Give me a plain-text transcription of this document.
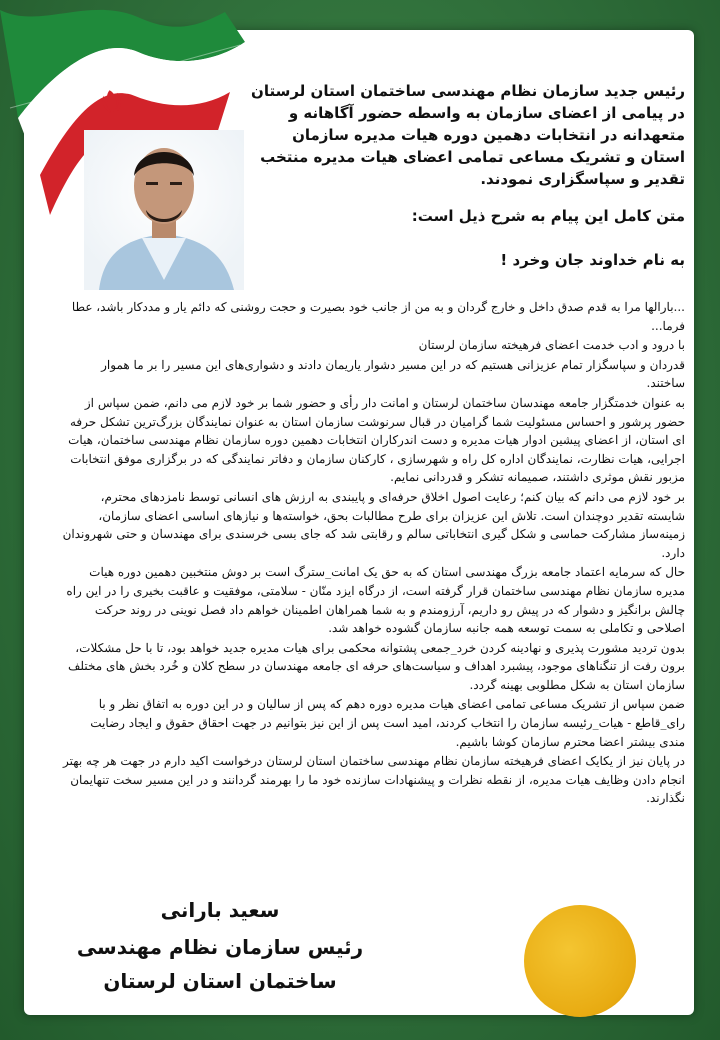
رئیس جدید سازمان نظام مهندسی ساختمان استان لرستان در پیامی از اعضای سازمان به واسطه حضور آگاهانه و متعهدانه در انتخابات دهمین دوره هیات مدیره سازمان استان و تشریک مساعی تمامی اعضای هیات مدیره منتخب تقدیر و سپاسگزاری نمودند.

متن کامل این پیام به شرح ذیل است:

به نام خداوند جان وخرد !

...بارالها مرا به قدم صدق داخل و خارج گردان و به من از جانب خود بصیرت و حجت روشنی که دائم یار و مددکار باشد، عطا فرما...

با درود و ادب خدمت اعضای فرهیخته سازمان لرستان

قدردان و سپاسگزار تمام عزیزانی هستیم که در این مسیر دشوار یاریمان دادند و دشواری‌های این مسیر را بر ما هموار ساختند.

به عنوان خدمتگزار جامعه مهندسان ساختمان لرستان و امانت دار رأی و حضور شما بر خود لازم می دانم، ضمن سپاس از حضور پرشور و احساس مسئولیت شما گرامیان در قبال سرنوشت سازمان استان به عنوان نمایندگان بزرگ‌ترین تشکل حرفه ای استان، از اعضای پیشین ادوار هیات مدیره و دست اندرکاران انتخابات دهمین دوره سازمان نظام مهندسی ساختمان، هیات اجرایی، هیات نظارت، نمایندگان اداره کل راه و شهرسازی ، کارکنان سازمان و دفاتر نمایندگی که در برگزاری موفق انتخابات مزبور نقش موثری داشتند، صمیمانه تشکر و قدردانی نمایم.

بر خود لازم می دانم که بیان کنم؛ رعایت اصول اخلاق حرفه‌ای و پایبندی به ارزش های انسانی توسط نامزدهای محترم، شایسته تقدیر دوچندان است. تلاش این عزیزان برای طرح مطالبات بحق، خواسته‌ها و نیازهای اساسی اعضای سازمان، زمینه‌ساز مشارکت حماسی و شکل گیری انتخاباتی سالم و رقابتی شد که جای بسی خرسندی برای مهندسان و حتی شهروندان دارد.

حال که سرمایه اعتماد جامعه بزرگ مهندسی استان که به حق یک امانت_سترگ است بر دوش منتخبین دهمین دوره هیات مدیره سازمان نظام مهندسی ساختمان قرار گرفته است، از درگاه ایزد منّان - سلامتی، موفقیت و عاقبت بخیری را در این راه چالش برانگیز و دشوار که در پیش رو داریم، آرزومندم و به شما همراهان اطمینان خواهم داد فصل نوینی در روند حرکت اصلاحی و تکاملی به سمت توسعه همه جانبه سازمان گشوده خواهد شد.

بدون تردید مشورت پذیری و نهادینه کردن خرد_جمعی پشتوانه محکمی برای هیات مدیره جدید خواهد بود، تا با حل مشکلات، برون رفت از تنگناهای موجود، پیشبرد اهداف و سیاست‌های حرفه ای جامعه مهندسان در سطح کلان و خُرد بخش های مختلف سازمان استان به شکل مطلوبی بهینه گردد.

ضمن سپاس از تشریک مساعی تمامی اعضای هیات مدیره دوره دهم که پس از سالیان و در این دوره به اتفاق نظر و با رای_قاطع - هیات_رئیسه سازمان را انتخاب کردند، امید است پس از این نیز بتوانیم در جهت احقاق حقوق و ایجاد رضایت مندی بیشتر اعضا محترم سازمان کوشا باشیم.

در پایان نیز از یکایک اعضای فرهیخته سازمان نظام مهندسی ساختمان استان لرستان درخواست اکید دارم در جهت هر چه بهتر انجام دادن وظایف هیات مدیره، از نقطه نظرات و پیشنهادات سازنده خود ما را بهرمند گردانند و در این مسیر سخت تنهایمان نگذارند.

سعید بارانی

رئیس سازمان نظام مهندسی

ساختمان استان لرستان
